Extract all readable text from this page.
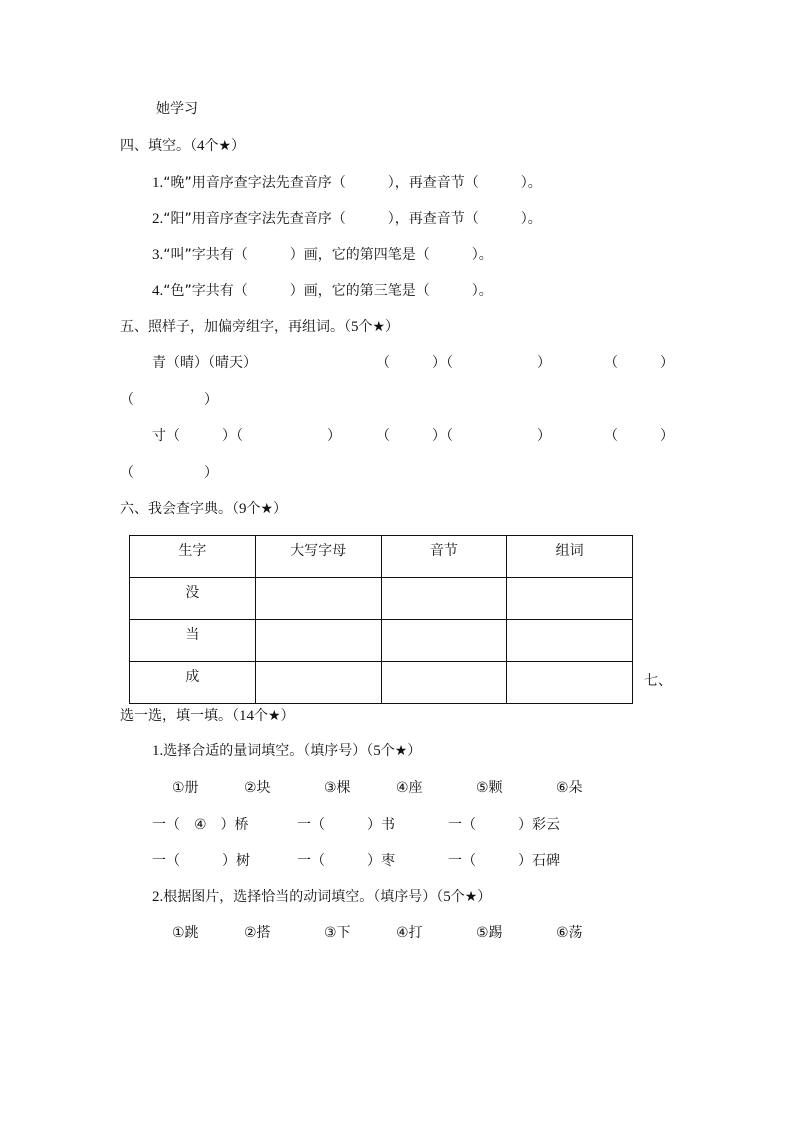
她学习
四、填空。（4个★）
1.“晚”用音序查字法先查音序（　　　），再查音节（　　　）。
2.“阳”用音序查字法先查音序（　　　），再查音节（　　　）。
3.“叫”字共有（　　　）画，它的第四笔是（　　　）。
4.“色”字共有（　　　）画，它的第三笔是（　　　）。
五、照样子，加偏旁组字，再组词。（5个★）
青（晴）（晴天）	（　　　）（　　　　　　）	（　　　）
（　　　　　）
寸（　　　）（　　　　　　）	（　　　）（　　　　　　）	（　　　）
（　　　　　）
六、我会查字典。（9个★）
生字	大写字母	音节	组词
没			
当			
成				七、
选一选，填一填。（14个★）
1.选择合适的量词填空。（填序号）（5个★）
①册	②块	③棵	④座	⑤颗	⑥朵
一（　④　）桥	一（　　　）书	一（　　　）彩云
一（　　　）树	一（　　　）枣	一（　　　）石碑
2.根据图片，选择恰当的动词填空。（填序号）（5个★）
①跳	②搭	③下	④打	⑤踢	⑥荡
